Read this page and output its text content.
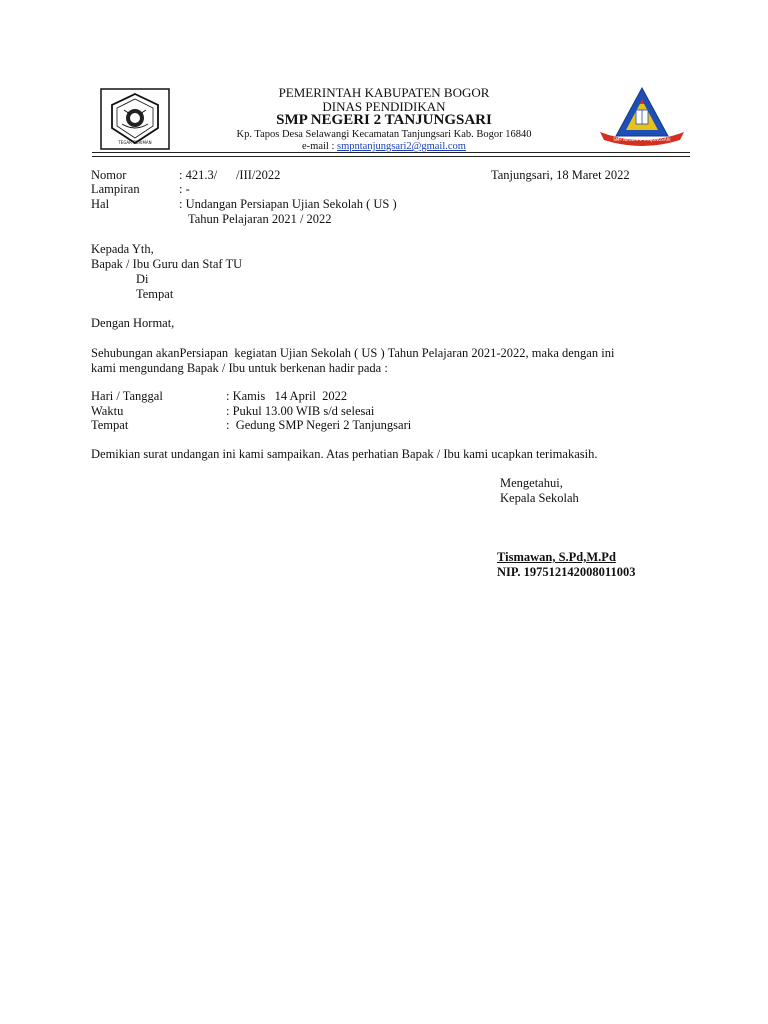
TEGAR BERIMAN
SMP NEGERI 2 TANJUNGSARI
PEMERINTAH KABUPATEN BOGOR
DINAS PENDIDIKAN
SMP NEGERI 2 TANJUNGSARI
Kp. Tapos Desa Selawangi Kecamatan Tanjungsari Kab. Bogor 16840
e-mail : smpntanjungsari2@gmail.com
Nomor	: 421.3/      /III/2022	Tanjungsari, 18 Maret 2022
Lampiran	: -
Hal	: Undangan Persiapan Ujian Sekolah ( US )
Tahun Pelajaran 2021 / 2022
Kepada Yth,
Bapak / Ibu Guru dan Staf TU
Di
Tempat
Dengan Hormat,
Sehubungan akanPersiapan  kegiatan Ujian Sekolah ( US ) Tahun Pelajaran 2021-2022, maka dengan ini
kami mengundang Bapak / Ibu untuk berkenan hadir pada :
Hari / Tanggal	: Kamis   14 April  2022
Waktu	: Pukul 13.00 WIB s/d selesai
Tempat	:  Gedung SMP Negeri 2 Tanjungsari
Demikian surat undangan ini kami sampaikan. Atas perhatian Bapak / Ibu kami ucapkan terimakasih.
Mengetahui,
Kepala Sekolah
Tismawan, S.Pd,M.Pd
NIP. 197512142008011003
